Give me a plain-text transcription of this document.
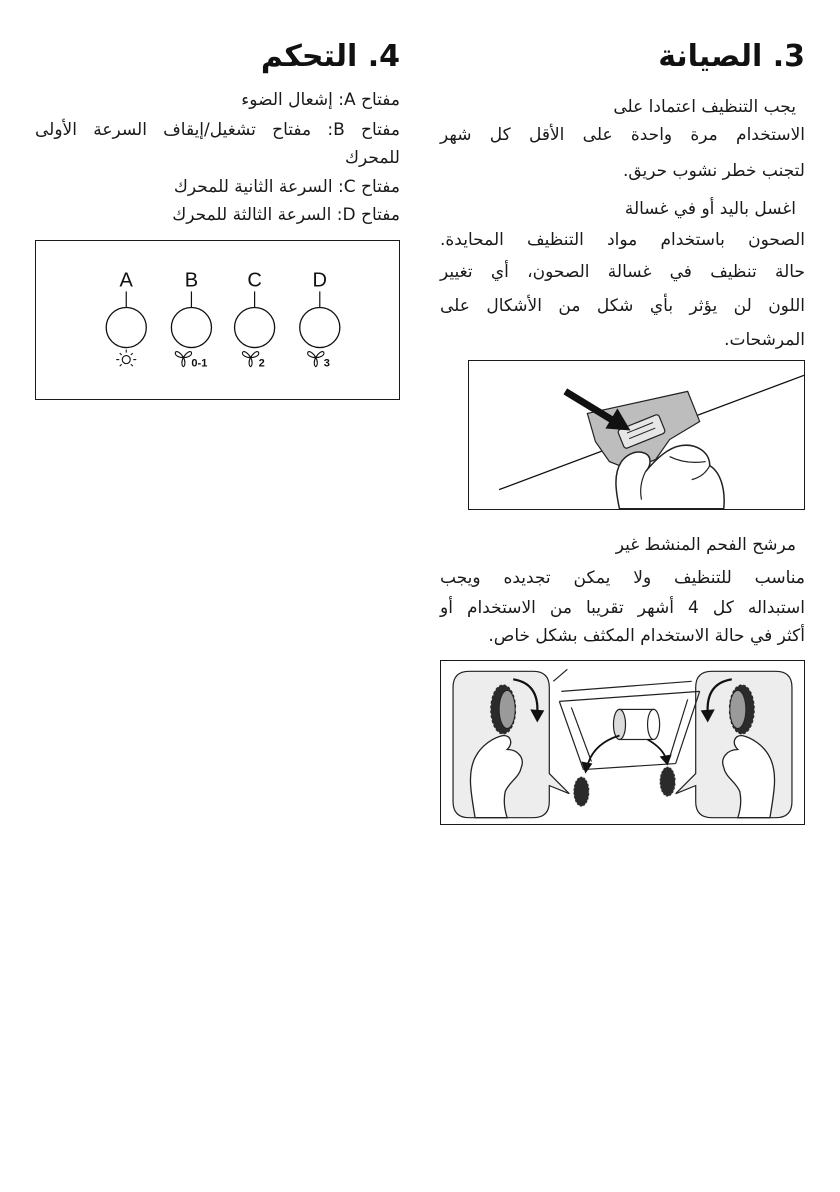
3. الصيانة
يجب التنظيف اعتمادا على
الاستخدام مرة واحدة على الأقل كل شهر
لتجنب خطر نشوب حريق.
اغسل باليد أو في غسالة
الصحون باستخدام مواد التنظيف المحايدة.
حالة تنظيف في غسالة الصحون، أي تغيير
اللون لن يؤثر بأي شكل من الأشكال على
المرشحات.
مرشح الفحم المنشط غير
مناسب للتنظيف ولا يمكن تجديده ويجب
استبداله كل 4 أشهر تقريبا من الاستخدام أو
أكثر في حالة الاستخدام المكثف بشكل خاص.
4. التحكم
مفتاح A: إشعال الضوء
مفتاح B: مفتاح تشغيل/إيقاف السرعة الأولى
للمحرك
مفتاح C: السرعة الثانية للمحرك
مفتاح D: السرعة الثالثة للمحرك
A	B
0-1
C
2
D
3
